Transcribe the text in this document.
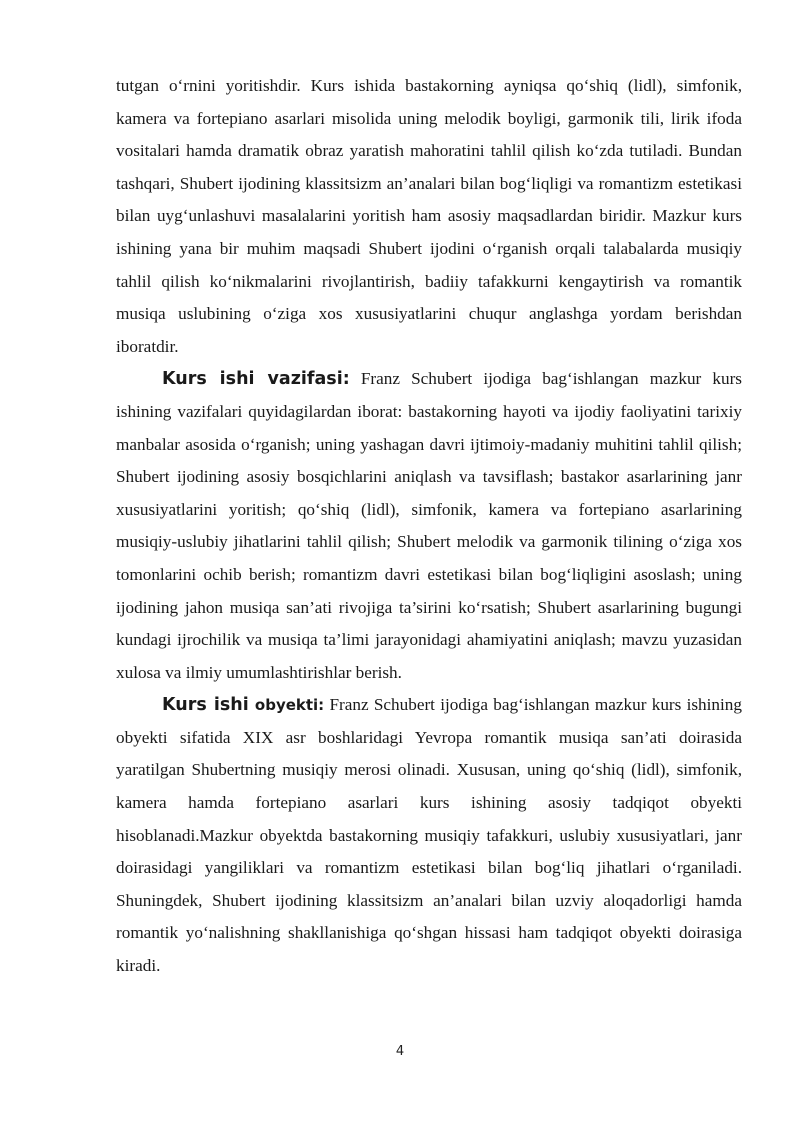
tutgan o‘rnini yoritishdir. Kurs ishida bastakorning ayniqsa qo‘shiq (lidl), simfonik, kamera va fortepiano asarlari misolida uning melodik boyligi, garmonik tili, lirik ifoda vositalari hamda dramatik obraz yaratish mahoratini tahlil qilish ko‘zda tutiladi. Bundan tashqari, Shubert ijodining klassitsizm an’analari bilan bog‘liqligi va romantizm estetikasi bilan uyg‘unlashuvi masalalarini yoritish ham asosiy maqsadlardan biridir. Mazkur kurs ishining yana bir muhim maqsadi Shubert ijodini o‘rganish orqali talabalarda musiqiy tahlil qilish ko‘nikmalarini rivojlantirish, badiiy tafakkurni kengaytirish va romantik musiqa uslubining o‘ziga xos xususiyatlarini chuqur anglashga yordam berishdan iboratdir.

Kurs ishi vazifasi: Franz Schubert ijodiga bag‘ishlangan mazkur kurs ishining vazifalari quyidagilardan iborat: bastakorning hayoti va ijodiy faoliyatini tarixiy manbalar asosida o‘rganish; uning yashagan davri ijtimoiy-madaniy muhitini tahlil qilish; Shubert ijodining asosiy bosqichlarini aniqlash va tavsiflash; bastakor asarlarining janr xususiyatlarini yoritish; qo‘shiq (lidl), simfonik, kamera va fortepiano asarlarining musiqiy-uslubiy jihatlarini tahlil qilish; Shubert melodik va garmonik tilining o‘ziga xos tomonlarini ochib berish; romantizm davri estetikasi bilan bog‘liqligini asoslash; uning ijodining jahon musiqa san’ati rivojiga ta’sirini ko‘rsatish; Shubert asarlarining bugungi kundagi ijrochilik va musiqa ta’limi jarayonidagi ahamiyatini aniqlash; mavzu yuzasidan xulosa va ilmiy umumlashtirishlar berish.

Kurs ishi obyekti: Franz Schubert ijodiga bag‘ishlangan mazkur kurs ishining obyekti sifatida XIX asr boshlaridagi Yevropa romantik musiqa san’ati doirasida yaratilgan Shubertning musiqiy merosi olinadi. Xususan, uning qo‘shiq (lidl), simfonik, kamera hamda fortepiano asarlari kurs ishining asosiy tadqiqot obyekti hisoblanadi.Mazkur obyektda bastakorning musiqiy tafakkuri, uslubiy xususiyatlari, janr doirasidagi yangiliklari va romantizm estetikasi bilan bog‘liq jihatlari o‘rganiladi. Shuningdek, Shubert ijodining klassitsizm an’analari bilan uzviy aloqadorligi hamda romantik yo‘nalishning shakllanishiga qo‘shgan hissasi ham tadqiqot obyekti doirasiga kiradi.

4
